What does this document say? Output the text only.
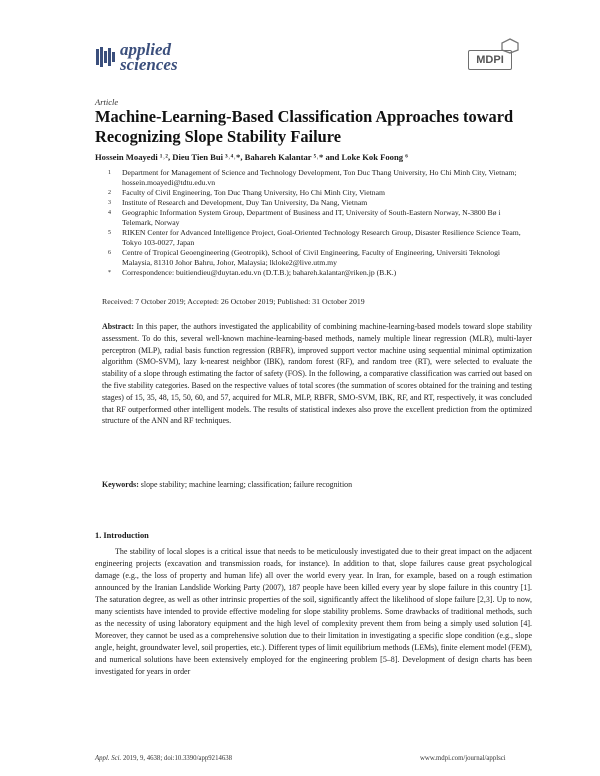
applied
sciences	MDPI
Article
Machine-Learning-Based Classification Approaches toward Recognizing Slope Stability Failure
Hossein Moayedi ¹˒², Dieu Tien Bui ³˒⁴˒*, Bahareh Kalantar ⁵˒* and Loke Kok Foong ⁶
1 Department for Management of Science and Technology Development, Ton Duc Thang University, Ho Chi Minh City, Vietnam; hossein.moayedi@tdtu.edu.vn
2 Faculty of Civil Engineering, Ton Duc Thang University, Ho Chi Minh City, Vietnam
3 Institute of Research and Development, Duy Tan University, Da Nang, Vietnam
4 Geographic Information System Group, Department of Business and IT, University of South-Eastern Norway, N-3800 Bø i Telemark, Norway
5 RIKEN Center for Advanced Intelligence Project, Goal-Oriented Technology Research Group, Disaster Resilience Science Team, Tokyo 103-0027, Japan
6 Centre of Tropical Geoengineering (Geotropik), School of Civil Engineering, Faculty of Engineering, Universiti Teknologi Malaysia, 81310 Johor Bahru, Johor, Malaysia; lkloke2@live.utm.my
* Correspondence: buitiendieu@duytan.edu.vn (D.T.B.); bahareh.kalantar@riken.jp (B.K.)
Received: 7 October 2019; Accepted: 26 October 2019; Published: 31 October 2019
Abstract: In this paper, the authors investigated the applicability of combining machine-learning-based models toward slope stability assessment. To do this, several well-known machine-learning-based methods, namely multiple linear regression (MLR), multi-layer perceptron (MLP), radial basis function regression (RBFR), improved support vector machine using sequential minimal optimization algorithm (SMO-SVM), lazy k-nearest neighbor (IBK), random forest (RF), and random tree (RT), were selected to evaluate the stability of a slope through estimating the factor of safety (FOS). In the following, a comparative classification was carried out based on the five stability categories. Based on the respective values of total scores (the summation of scores obtained for the training and testing stages) of 15, 35, 48, 15, 50, 60, and 57, acquired for MLR, MLP, RBFR, SMO-SVM, IBK, RF, and RT, respectively, it was concluded that RF outperformed other intelligent models. The results of statistical indexes also prove the excellent prediction from the optimized structure of the ANN and RF techniques.
Keywords: slope stability; machine learning; classification; failure recognition
1. Introduction
The stability of local slopes is a critical issue that needs to be meticulously investigated due to their great impact on the adjacent engineering projects (excavation and transmission roads, for instance). In addition to that, slope failures cause great psychological damage (e.g., the loss of property and human life) all over the world every year. In Iran, for example, based on a rough estimation announced by the Iranian Landslide Working Party (2007), 187 people have been killed every year by slope failure in this country [1]. The saturation degree, as well as other intrinsic properties of the soil, significantly affect the likelihood of slope failure [2,3]. Up to now, many scientists have intended to provide effective modeling for slope stability problems. Some drawbacks of traditional methods, such as the necessity of using laboratory equipment and the high level of complexity prevent them from being a simply used solution [4]. Moreover, they cannot be used as a comprehensive solution due to their limitation in investigating a specific slope condition (e.g., slope angle, height, groundwater level, soil properties, etc.). Different types of limit equilibrium methods (LEMs), finite element model (FEM), and numerical solutions have been extensively employed for the engineering problem [5–8]. Development of design charts has been investigated for years in order
Appl. Sci. 2019, 9, 4638; doi:10.3390/app9214638	www.mdpi.com/journal/applsci
